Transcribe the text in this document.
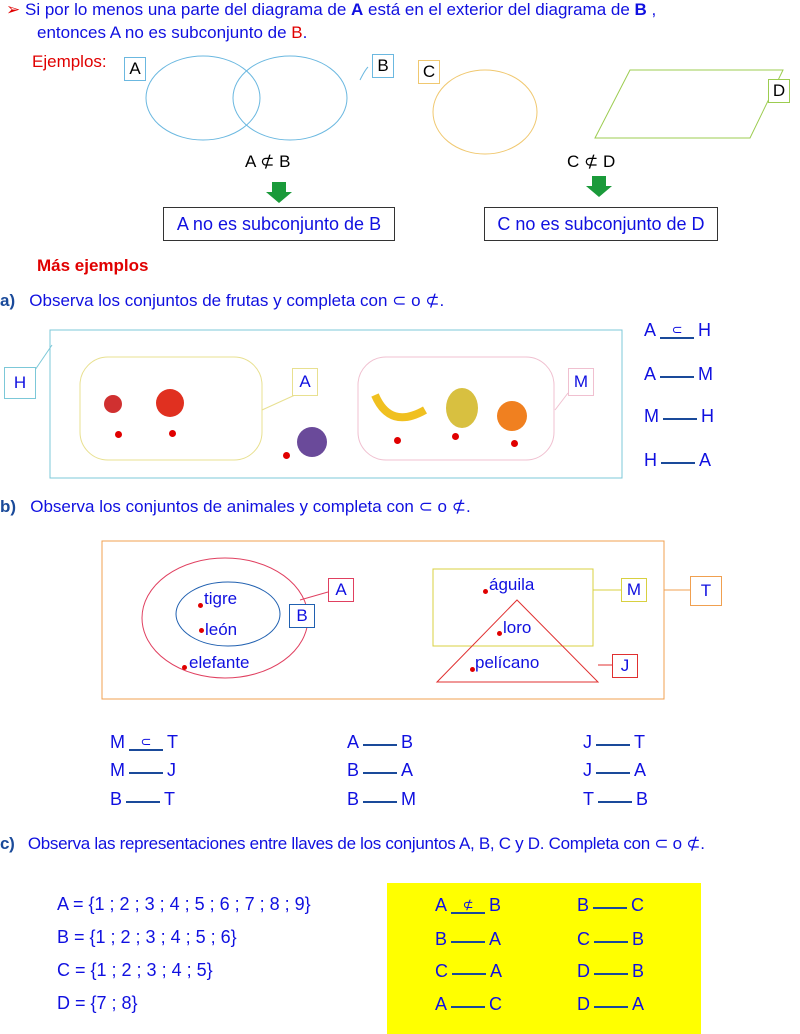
➢ Si por lo menos una parte del diagrama de A está en el exterior del diagrama de B ,
entonces A no es subconjunto de B.
Ejemplos:	A	B	C
D
A ⊄ B	C ⊄ D
A no es subconjunto de B	C no es subconjunto de D
Más ejemplos
a) Observa los conjuntos de frutas y completa con ⊂ o ⊄.
H	A	M
A ⊂ H
A M
M H
H A
b) Observa los conjuntos de animales y completa con ⊂ o ⊄.
A
B
M	T
J
tigre
león
elefante
águila
loro
pelícano
M ⊂ T	A B	J T
M J	B A	J A
B T	B M	T B
c) Observa las representaciones entre llaves de los conjuntos A, B, C y D. Completa con ⊂ o ⊄.
A = {1 ; 2 ; 3 ; 4 ; 5 ; 6 ; 7 ; 8 ; 9}
B = {1 ; 2 ; 3 ; 4 ; 5 ; 6}
C = {1 ; 2 ; 3 ; 4 ; 5}
D = {7 ; 8}
A ⊄ B	B C
B A	C B
C A	D B
A C	D A
